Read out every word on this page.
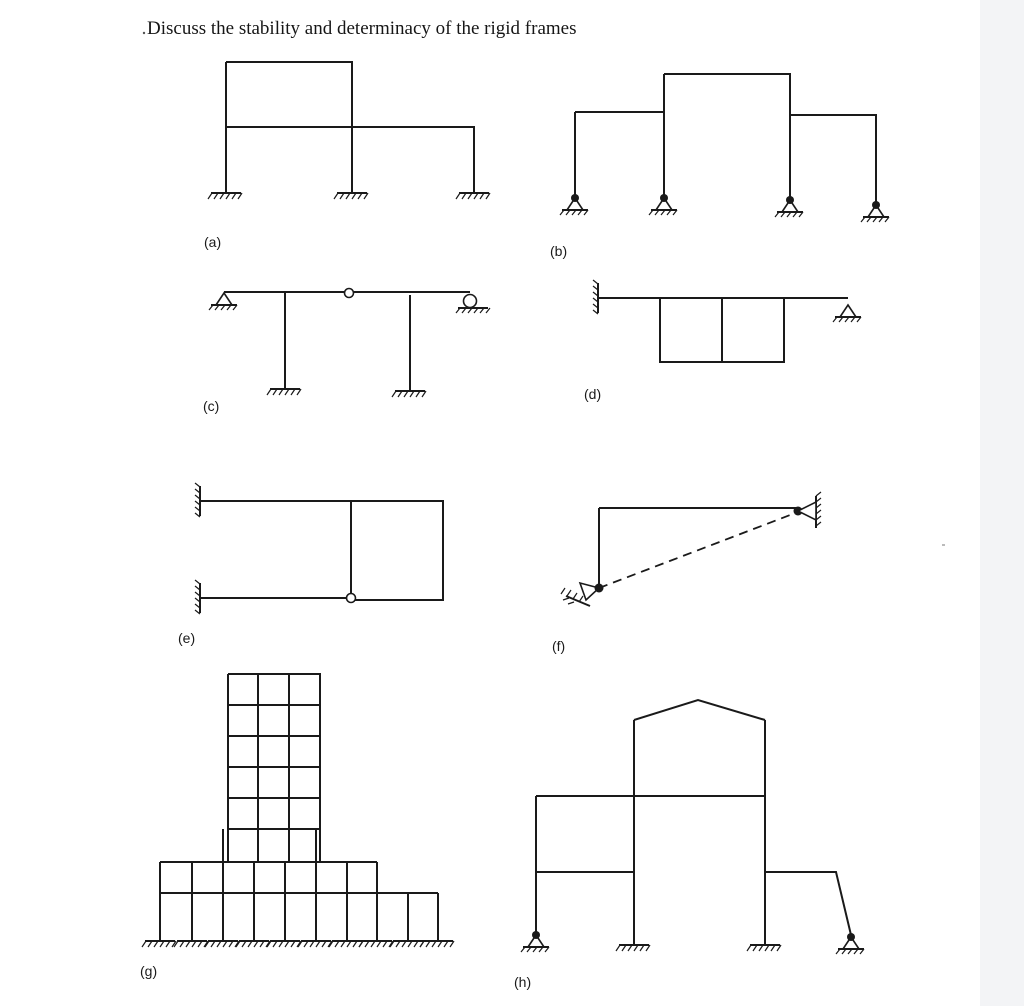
Discuss the stability and determinacy of the rigid frames
(a)
(b)
(c)
(d)
(e)	(f)
(g)
(h)
